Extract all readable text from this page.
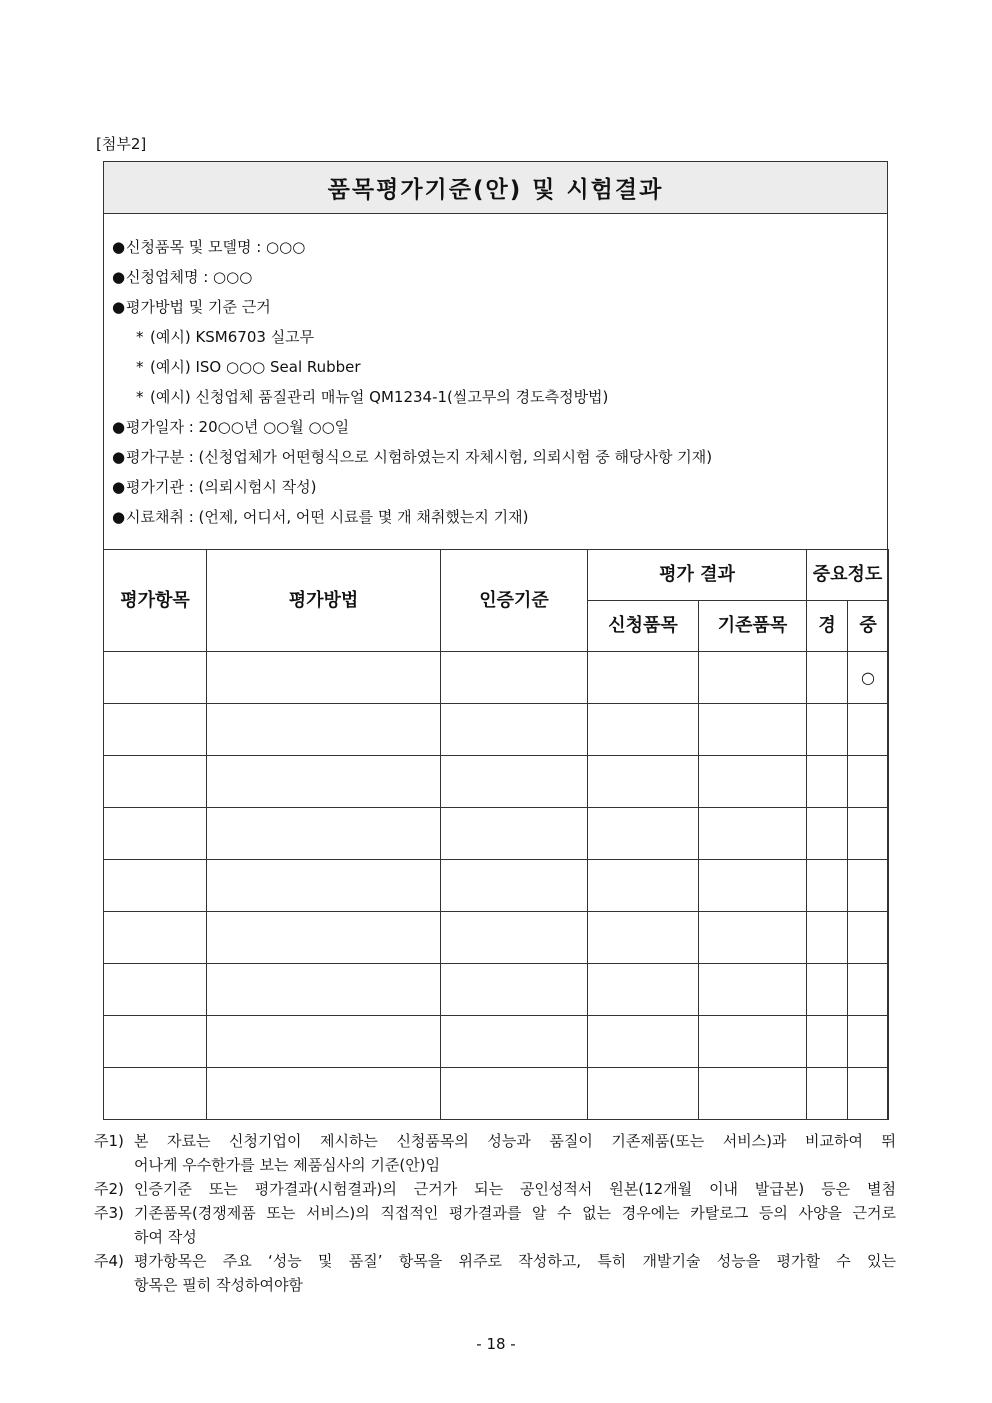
[첨부2]
품목평가기준(안) 및 시험결과
●신청품목 및 모델명 : ○○○
●신청업체명 : ○○○
●평가방법 및 기준 근거
* (예시) KSM6703 실고무
* (예시) ISO ○○○ Seal Rubber
* (예시) 신청업체 품질관리 매뉴얼 QM1234-1(씰고무의 경도측정방법)
●평가일자 : 20○○년 ○○월 ○○일
●평가구분 : (신청업체가 어떤형식으로 시험하였는지 자체시험, 의뢰시험 중 해당사항 기재)
●평가기관 : (의뢰시험시 작성)
●시료채취 : (언제, 어디서, 어떤 시료를 몇 개 채취했는지 기재)
평가항목	평가방법	인증기준	평가 결과		중요정도	
			신청품목	기존품목	경	중
						○

주1) 본 자료는 신청기업이 제시하는 신청품목의 성능과 품질이 기존제품(또는 서비스)과 비교하여 뛰
어나게 우수한가를 보는 제품심사의 기준(안)임
주2) 인증기준 또는 평가결과(시험결과)의 근거가 되는 공인성적서 원본(12개월 이내 발급본) 등은 별첨
주3) 기존품목(경쟁제품 또는 서비스)의 직접적인 평가결과를 알 수 없는 경우에는 카탈로그 등의 사양을 근거로
하여 작성
주4) 평가항목은 주요 ‘성능 및 품질’ 항목을 위주로 작성하고, 특히 개발기술 성능을 평가할 수 있는
항목은 필히 작성하여야함
- 18 -
